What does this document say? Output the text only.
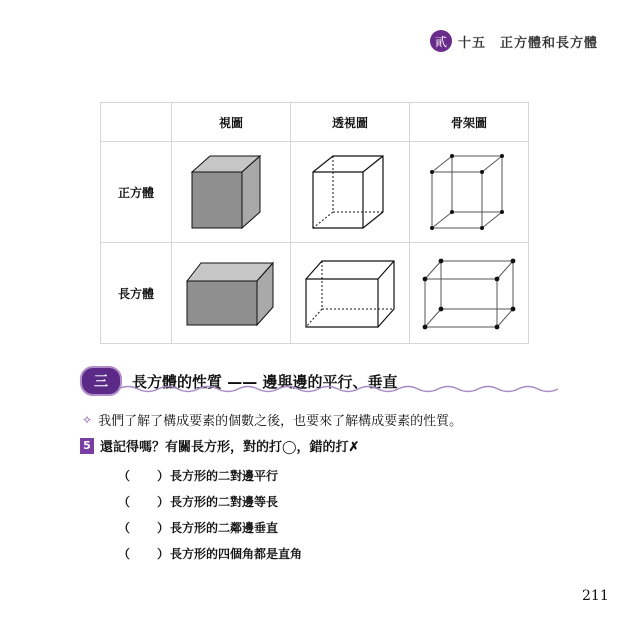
貳 十五　正方體和長方體
	視圖	透視圖	骨架圖
正方體	

長方體	

三	長方體的性質 —— 邊與邊的平行、垂直
✧ 我們了解了構成要素的個數之後，也要來了解構成要素的性質。
5 還記得嗎？有關長方形，對的打◯，錯的打✗
（　　） 長方形的二對邊平行
（　　） 長方形的二對邊等長
（　　） 長方形的二鄰邊垂直
（　　） 長方形的四個角都是直角
211
